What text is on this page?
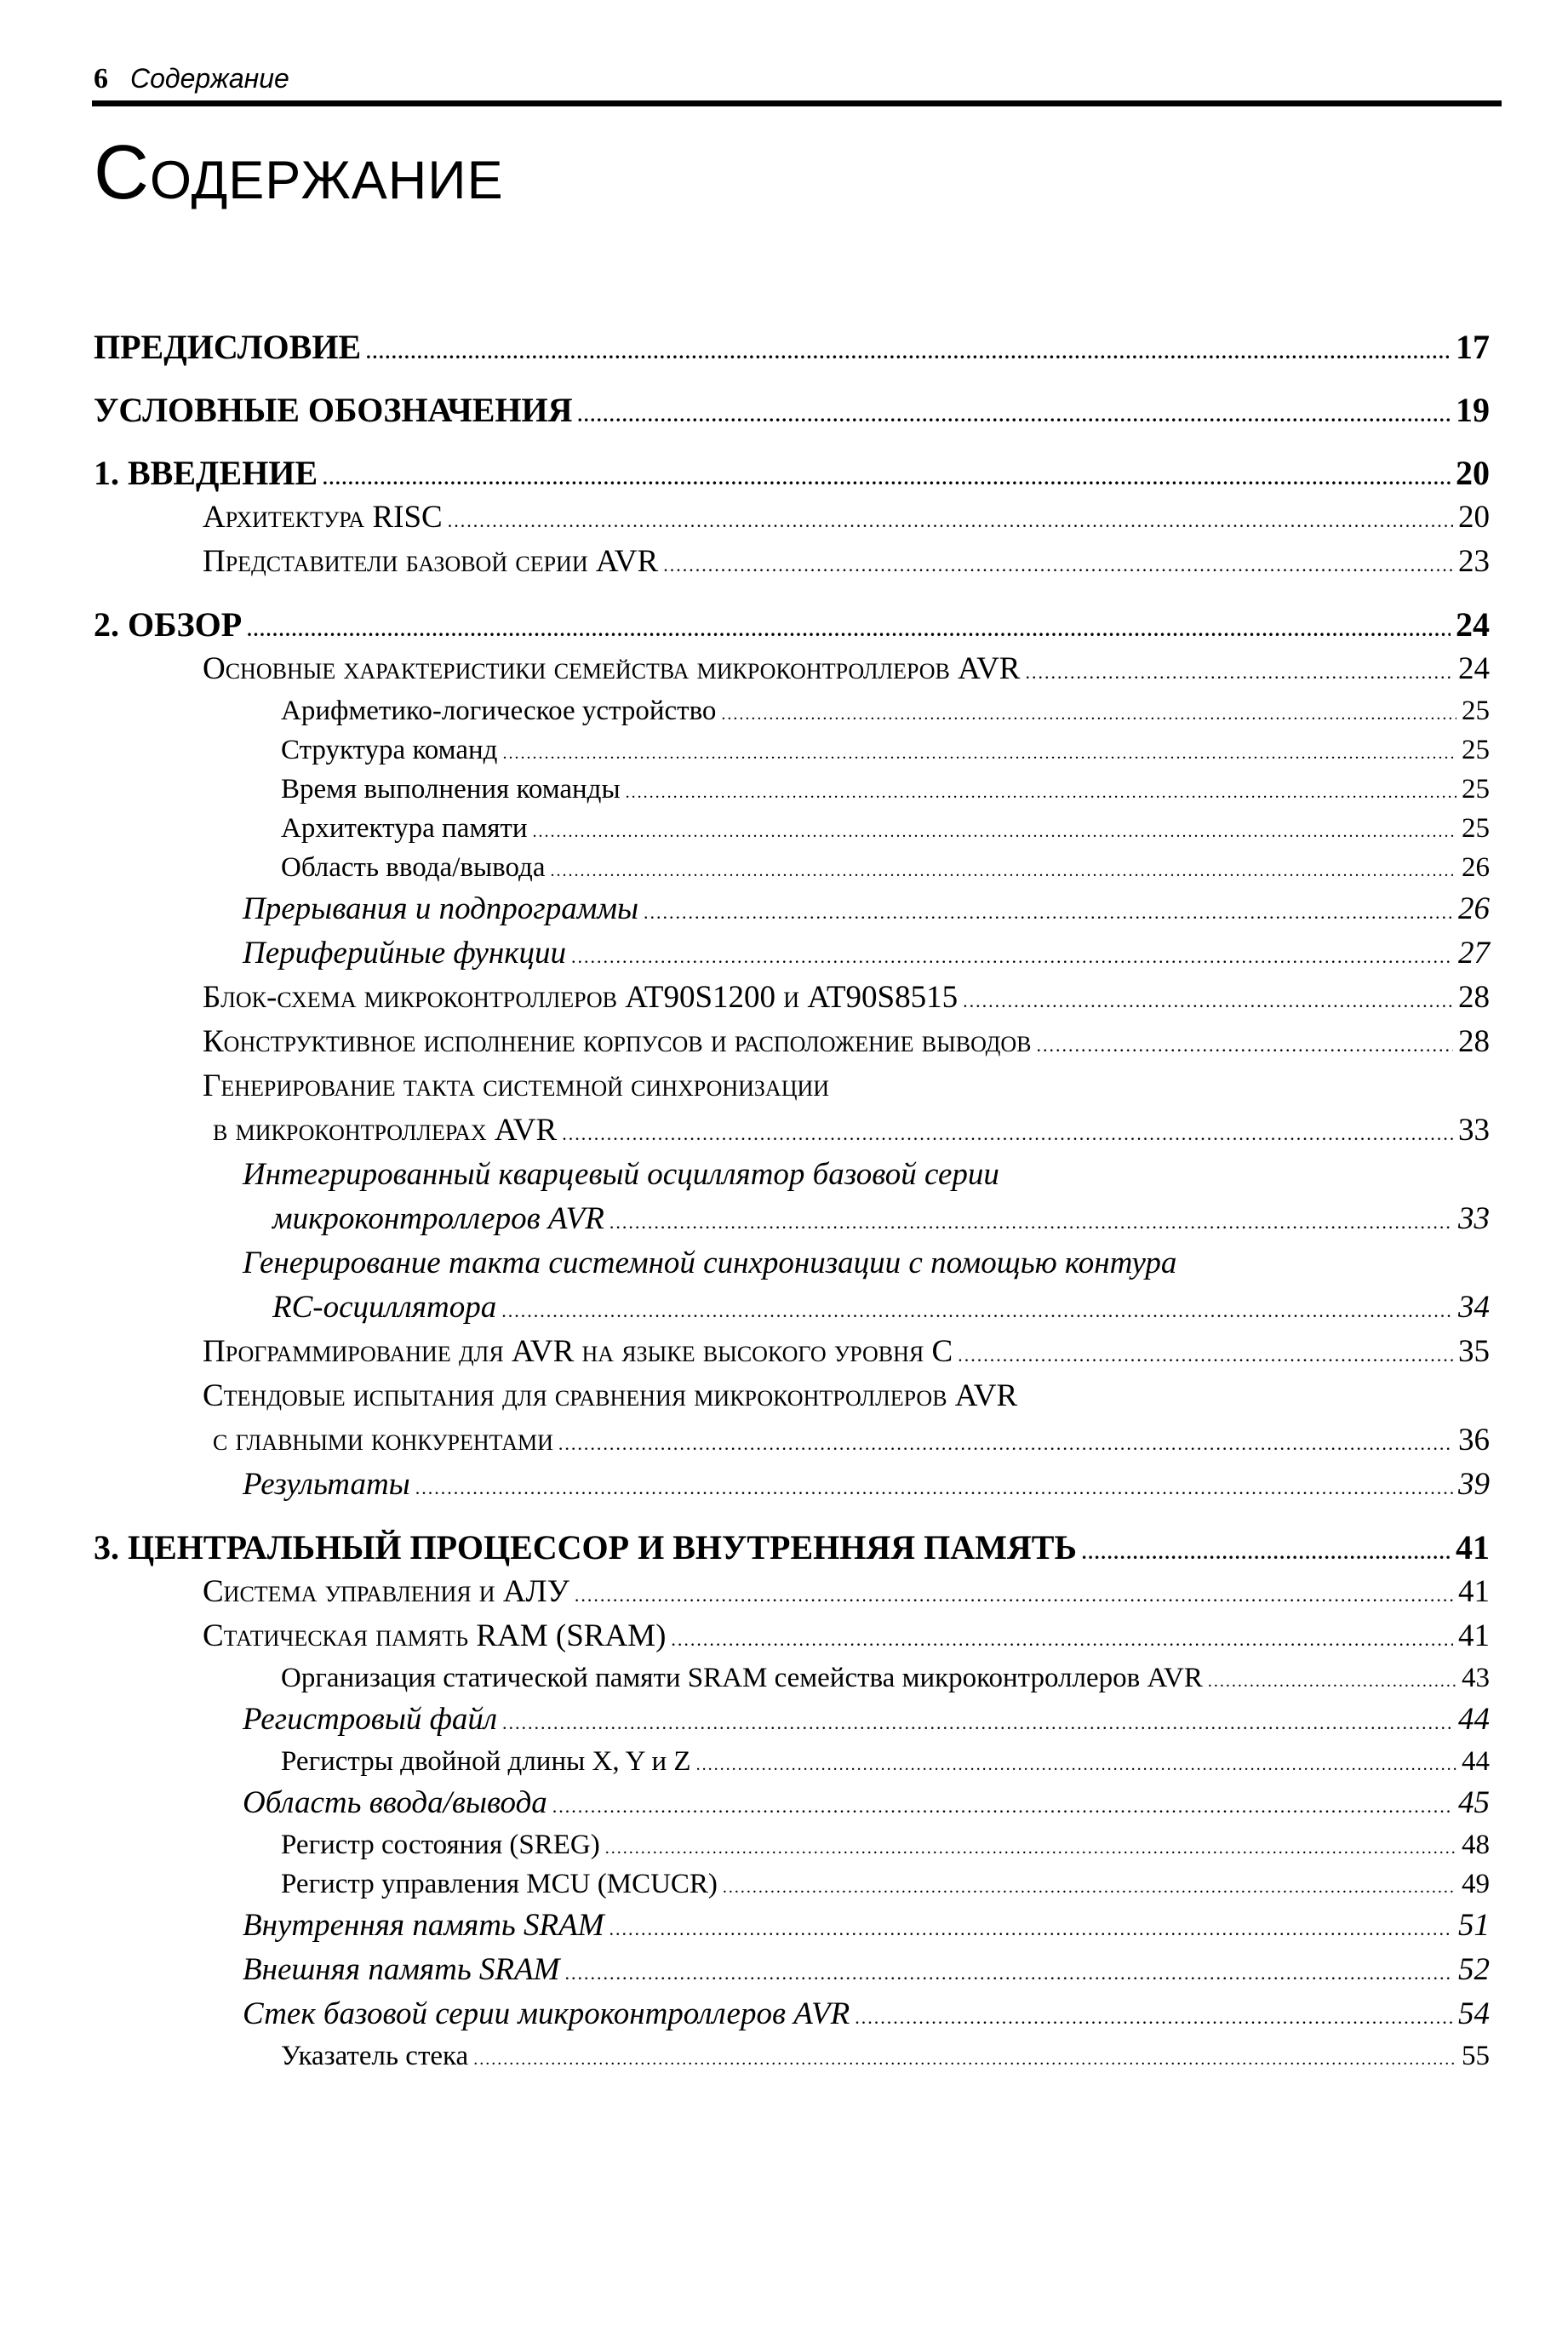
6 Содержание
Содержание
ПРЕДИСЛОВИЕ .....	17
УСЛОВНЫЕ ОБОЗНАЧЕНИЯ .....	19
1. ВВЕДЕНИЕ .....	20
Архитектура RISC .....	20
Представители базовой серии AVR .....	23
2. ОБЗОР .....	24
Основные характеристики семейства микроконтроллеров AVR .....	24
Арифметико-логическое устройство .....	25
Структура команд .....	25
Время выполнения команды .....	25
Архитектура памяти .....	25
Область ввода/вывода .....	26
Прерывания и подпрограммы .....	26
Периферийные функции .....	27
Блок-схема микроконтроллеров AT90S1200 и AT90S8515 .....	28
Конструктивное исполнение корпусов и расположение выводов .....	28
Генерирование такта системной синхронизации
в микроконтроллерах AVR .....	33
Интегрированный кварцевый осциллятор базовой серии
микроконтроллеров AVR .....	33
Генерирование такта системной синхронизации с помощью контура
RC-осциллятора .....	34
Программирование для AVR на языке высокого уровня C .....	35
Стендовые испытания для сравнения микроконтроллеров AVR
с главными конкурентами .....	36
Результаты .....	39
3. ЦЕНТРАЛЬНЫЙ ПРОЦЕССОР И ВНУТРЕННЯЯ ПАМЯТЬ .....	41
Система управления и АЛУ .....	41
Статическая память RAM (SRAM) .....	41
Организация статической памяти SRAM семейства микроконтроллеров AVR .....	43
Регистровый файл .....	44
Регистры двойной длины X, Y и Z .....	44
Область ввода/вывода .....	45
Регистр состояния (SREG) .....	48
Регистр управления MCU (MCUCR) .....	49
Внутренняя память SRAM .....	51
Внешняя память SRAM .....	52
Стек базовой серии микроконтроллеров AVR .....	54
Указатель стека .....	55
